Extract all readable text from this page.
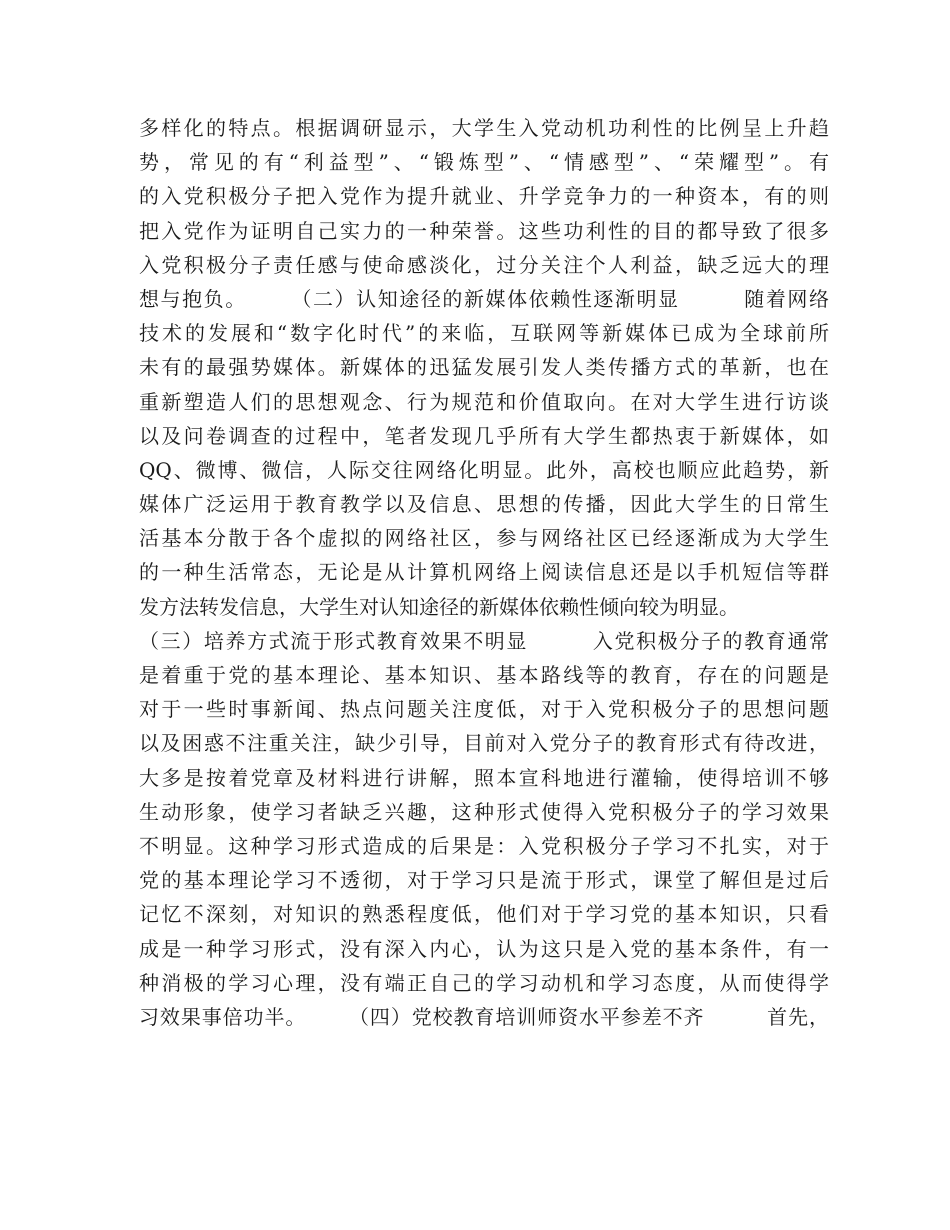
多样化的特点。根据调研显示，大学生入党动机功利性的比例呈上升趋
势，常见的有“利益型”、“锻炼型”、“情感型”、“荣耀型”。有
的入党积极分子把入党作为提升就业、升学竞争力的一种资本，有的则
把入党作为证明自己实力的一种荣誉。这些功利性的目的都导致了很多
入党积极分子责任感与使命感淡化，过分关注个人利益，缺乏远大的理
想与抱负。　　　（二）认知途径的新媒体依赖性逐渐明显　　　随着网络
技术的发展和“数字化时代”的来临，互联网等新媒体已成为全球前所
未有的最强势媒体。新媒体的迅猛发展引发人类传播方式的革新，也在
重新塑造人们的思想观念、行为规范和价值取向。在对大学生进行访谈
以及问卷调查的过程中，笔者发现几乎所有大学生都热衷于新媒体，如
QQ、微博、微信，人际交往网络化明显。此外，高校也顺应此趋势，新
媒体广泛运用于教育教学以及信息、思想的传播，因此大学生的日常生
活基本分散于各个虚拟的网络社区，参与网络社区已经逐渐成为大学生
的一种生活常态，无论是从计算机网络上阅读信息还是以手机短信等群
发方法转发信息，大学生对认知途径的新媒体依赖性倾向较为明显。
（三）培养方式流于形式教育效果不明显　　　入党积极分子的教育通常
是着重于党的基本理论、基本知识、基本路线等的教育，存在的问题是
对于一些时事新闻、热点问题关注度低，对于入党积极分子的思想问题
以及困惑不注重关注，缺少引导，目前对入党分子的教育形式有待改进，
大多是按着党章及材料进行讲解，照本宣科地进行灌输，使得培训不够
生动形象，使学习者缺乏兴趣，这种形式使得入党积极分子的学习效果
不明显。这种学习形式造成的后果是：入党积极分子学习不扎实，对于
党的基本理论学习不透彻，对于学习只是流于形式，课堂了解但是过后
记忆不深刻，对知识的熟悉程度低，他们对于学习党的基本知识，只看
成是一种学习形式，没有深入内心，认为这只是入党的基本条件，有一
种消极的学习心理，没有端正自己的学习动机和学习态度，从而使得学
习效果事倍功半。　　　（四）党校教育培训师资水平参差不齐　　　首先，
